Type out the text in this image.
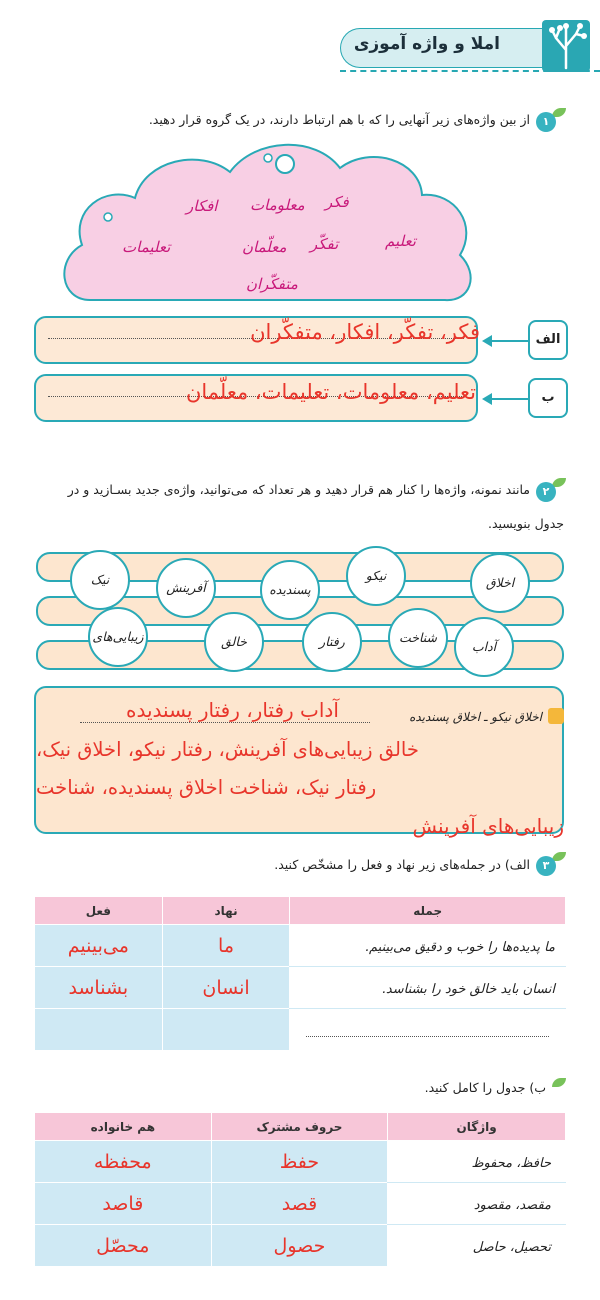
املا و واژه آموزی
۱
از بین واژه‌های زیر آنهایی را که با هم ارتباط دارند، در یک گروه قرار دهید.
فکر
معلومات
افکار
تعلیم
تفکّر
معلّمان
تعلیمات
متفکّران
فکر، تفکّر، افکار، متفکّران	الف
تعلیم، معلومات، تعلیمات، معلّمان	ب
۲
مانند نمونه، واژه‌ها را کنار هم قرار دهید و هر تعداد که می‌توانید، واژه‌ی جدید بسـازید و در
جدول بنویسید.
اخلاق
نیکو
پسندیده
آفرینش
نیک
آداب
شناخت
رفتار
خالق
زیبایی‌های
اخلاق نیکو ـ اخلاق پسندیده
آداب رفتار، رفتار پسندیده
خالق زیبایی‌های آفرینش، رفتار نیکو، اخلاق نیک،
رفتار نیک، شناخت اخلاق پسندیده، شناخت
زیبایی‌های آفرینش
۳
الف) در جمله‌های زیر نهاد و فعل را مشخّص کنید.
جمله	نهاد	فعل
ما پدیده‌ها را خوب و دقیق می‌بینیم.	ما	می‌بینیم
انسان باید خالق خود را بشناسد.	انسان	بشناسد

ب) جدول را کامل کنید.
واژگان	حروف مشترک	هم خانواده
حافظ، محفوظ	حفظ	محفظه
مقصد، مقصود	قصد	قاصد
تحصیل، حاصل	حصول	محصّل
